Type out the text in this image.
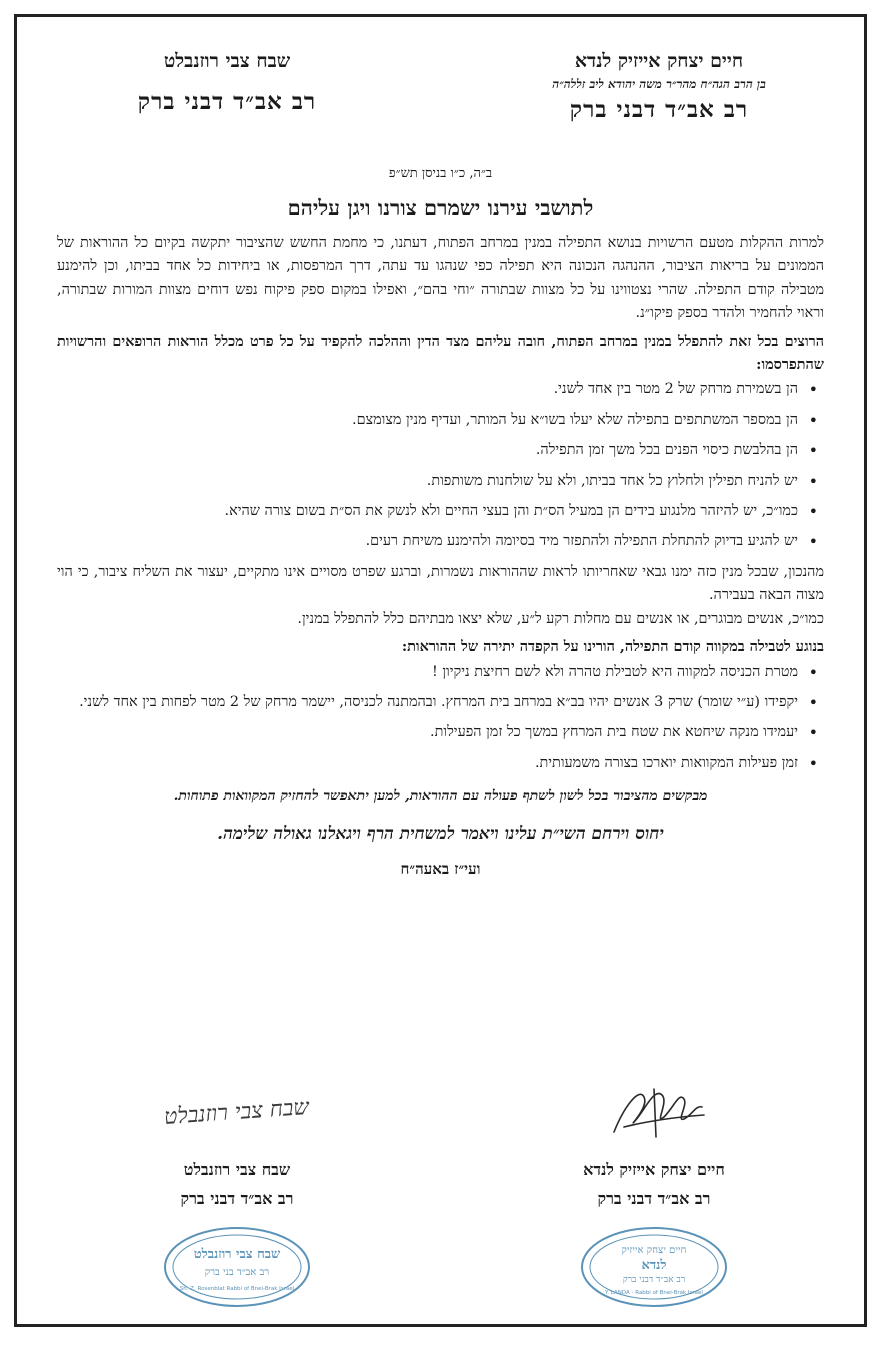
חיים יצחק אייזיק לנדא
בן הרב הגה״ח מהר״ר משה יהודא ליב זללה״ה
רב אב״ד דבני ברק
שבח צבי רוזנבלט
רב אב״ד דבני ברק
ב״ה, כ״ו בניסן תש״פ
לתושבי עירנו ישמרם צורנו ויגן עליהם

למרות ההקלות מטעם הרשויות בנושא התפילה במנין במרחב הפתוח, דעתנו, כי מחמת החשש שהציבור יתקשה בקיום כל ההוראות של הממונים על בריאות הציבור, ההנהגה הנכונה היא תפילה כפי שנהגו עד עתה, דרך המרפסות, או ביחידות כל אחד בביתו, וכן להימנע מטבילה קודם התפילה. שהרי נצטווינו על כל מצוות שבתורה ״וחי בהם״, ואפילו במקום ספק פיקוח נפש דוחים מצוות המורות שבתורה, וראוי להחמיר ולהדר בספק פיקו״נ.

הרוצים בכל זאת להתפלל במנין במרחב הפתוח, חובה עליהם מצד הדין וההלכה להקפיד על כל פרט מכלל הוראות הרופאים והרשויות שהתפרסמו:

• הן בשמירת מרחק של 2 מטר בין אחד לשני.
• הן במספר המשתתפים בתפילה שלא יעלו בשו״א על המותר, ועדיף מנין מצומצם.
• הן בהלבשת כיסוי הפנים בכל משך זמן התפילה.
• יש להניח תפילין ולחלוץ כל אחד בביתו, ולא על שולחנות משותפות.
• כמו״כ, יש להיזהר מלנגוע בידים הן במעיל הס״ת והן בעצי החיים ולא לנשק את הס״ת בשום צורה שהיא.
• יש להגיע בדיוק להתחלת התפילה ולהתפזר מיד בסיומה ולהימנע משיחת רעים.

מהנכון, שבכל מנין כזה ימנו גבאי שאחריותו לראות שההוראות נשמרות, וברגע שפרט מסויים אינו מתקיים, יעצור את השליח ציבור, כי הוי מצוה הבאה בעבירה.

כמו״כ, אנשים מבוגרים, או אנשים עם מחלות רקע ל״ע, שלא יצאו מבתיהם כלל להתפלל במנין.

בנוגע לטבילה במקווה קודם התפילה, הורינו על הקפדה יתירה של ההוראות:

• מטרת הכניסה למקווה היא לטבילת טהרה ולא לשם רחיצת ניקיון !
• יקפידו (ע״י שומר) שרק 3 אנשים יהיו בב״א במרחב בית המרחץ. ובהמתנה לכניסה, יישמר מרחק של 2 מטר לפחות בין אחד לשני.
• יעמידו מנקה שיחטא את שטח בית המרחץ במשך כל זמן הפעילות.
• זמן פעילות המקוואות יוארכו בצורה משמעותית.

מבקשים מהציבור בכל לשון לשתף פעולה עם ההוראות, למען יתאפשר להחזיק המקוואות פתוחות.

יחוס וירחם השי״ת עלינו ויאמר למשחית הרף ויגאלנו גאולה שלימה.

ועי״ז באעה״ח

חיים יצחק אייזיק לנדא
רב אב״ד דבני ברק
חיים יצחק אייזיק
לנדא
רב אב״ד דבני ברק
Y. LANDA - Rabbi of Bnei-Brak Israel
שבח צבי רוזנבלט
שבח צבי רוזנבלט
רב אב״ד דבני ברק
שבח צבי רוזנבלט
רב אב״ד בני ברק
Sh. Z. Rosenblat Rabbi of Bnei-Brak Israel
